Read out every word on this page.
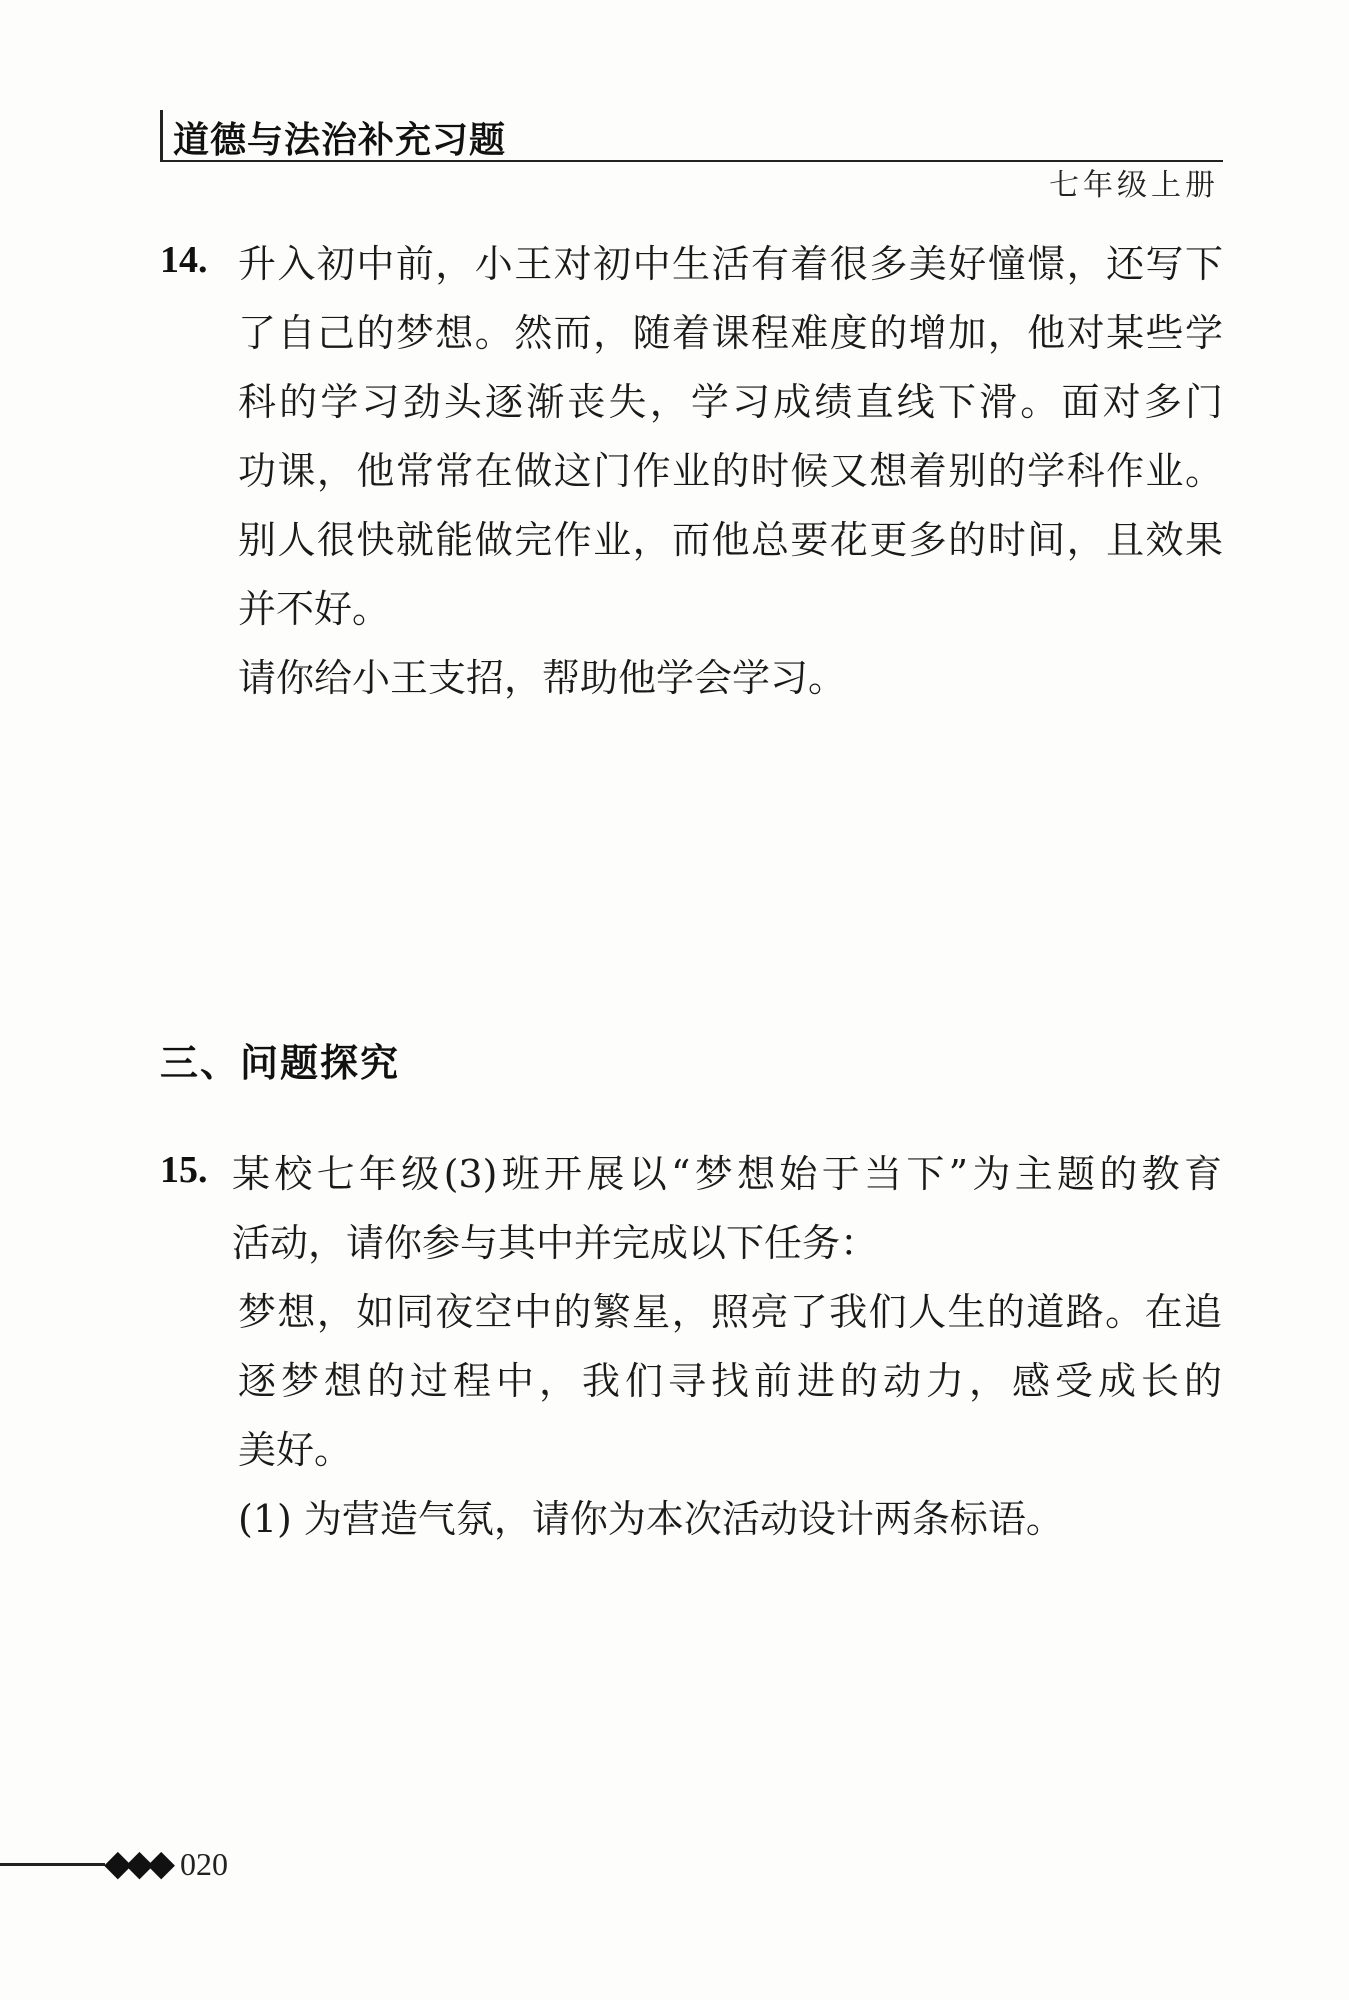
道德与法治补充习题
七年级上册
14. 升入初中前，小王对初中生活有着很多美好憧憬，还写下
了自己的梦想。然而，随着课程难度的增加，他对某些学
科的学习劲头逐渐丧失，学习成绩直线下滑。面对多门
功课，他常常在做这门作业的时候又想着别的学科作业。
别人很快就能做完作业，而他总要花更多的时间，且效果
并不好。
请你给小王支招，帮助他学会学习。
三、问题探究
15. 某校七年级(3)班开展以“梦想始于当下”为主题的教育
活动，请你参与其中并完成以下任务：
梦想，如同夜空中的繁星，照亮了我们人生的道路。在追
逐梦想的过程中，我们寻找前进的动力，感受成长的
美好。
(1) 为营造气氛，请你为本次活动设计两条标语。
◆◆◆ 020
